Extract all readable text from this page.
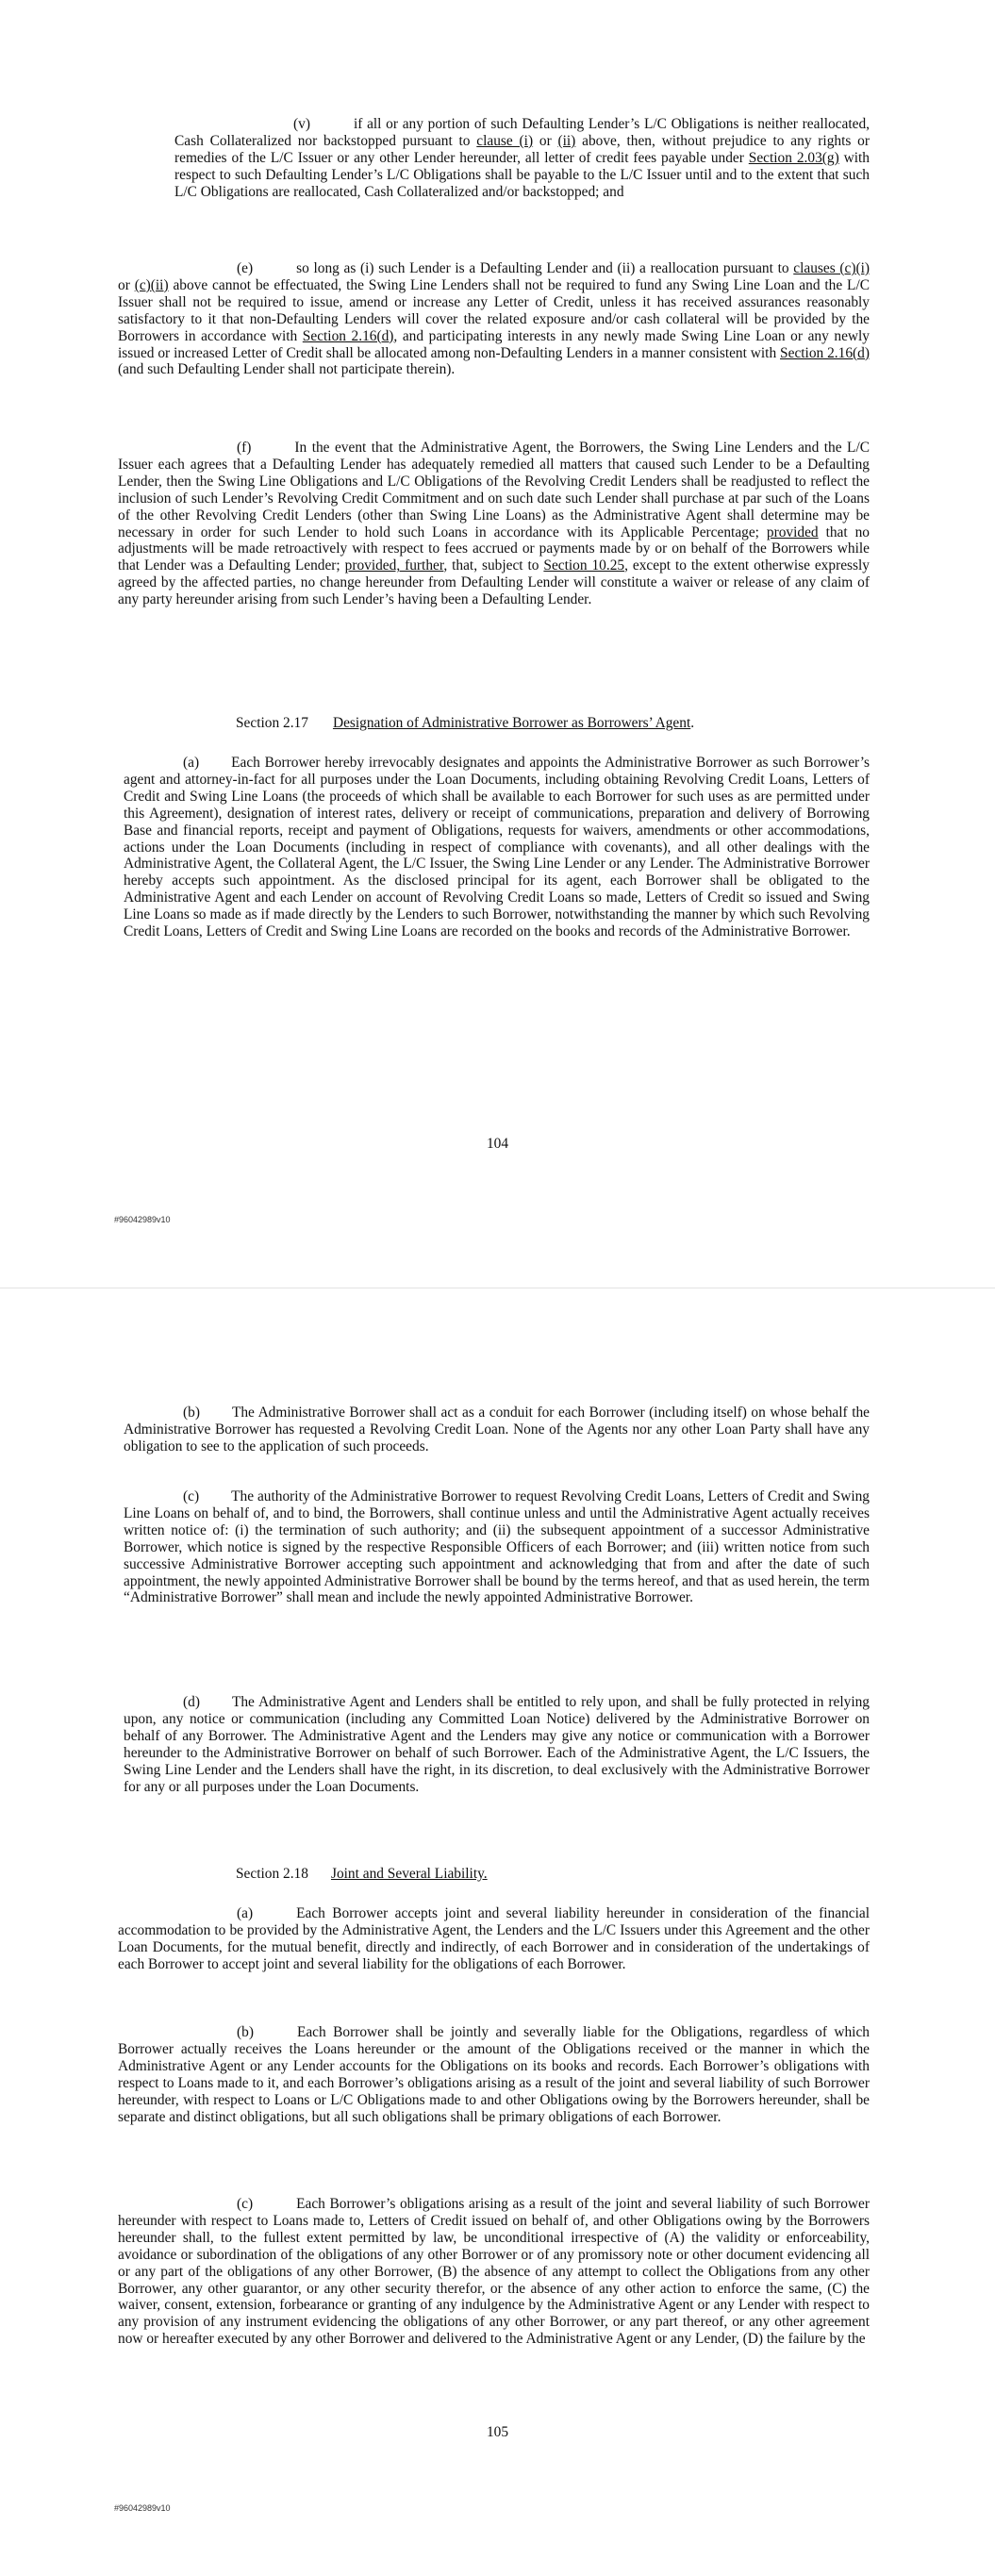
(v)	if all or any portion of such Defaulting Lender’s L/C Obligations is neither reallocated, Cash Collateralized nor backstopped pursuant to clause (i) or (ii) above, then, without prejudice to any rights or remedies of the L/C Issuer or any other Lender hereunder, all letter of credit fees payable under Section 2.03(g) with respect to such Defaulting Lender’s L/C Obligations shall be payable to the L/C Issuer until and to the extent that such L/C Obligations are reallocated, Cash Collateralized and/or backstopped; and

(e)	so long as (i) such Lender is a Defaulting Lender and (ii) a reallocation pursuant to clauses (c)(i) or (c)(ii) above cannot be effectuated, the Swing Line Lenders shall not be required to fund any Swing Line Loan and the L/C Issuer shall not be required to issue, amend or increase any Letter of Credit, unless it has received assurances reasonably satisfactory to it that non-Defaulting Lenders will cover the related exposure and/or cash collateral will be provided by the Borrowers in accordance with Section 2.16(d), and participating interests in any newly made Swing Line Loan or any newly issued or increased Letter of Credit shall be allocated among non-Defaulting Lenders in a manner consistent with Section 2.16(d) (and such Defaulting Lender shall not participate therein).

(f)	In the event that the Administrative Agent, the Borrowers, the Swing Line Lenders and the L/C Issuer each agrees that a Defaulting Lender has adequately remedied all matters that caused such Lender to be a Defaulting Lender, then the Swing Line Obligations and L/C Obligations of the Revolving Credit Lenders shall be readjusted to reflect the inclusion of such Lender’s Revolving Credit Commitment and on such date such Lender shall purchase at par such of the Loans of the other Revolving Credit Lenders (other than Swing Line Loans) as the Administrative Agent shall determine may be necessary in order for such Lender to hold such Loans in accordance with its Applicable Percentage; provided that no adjustments will be made retroactively with respect to fees accrued or payments made by or on behalf of the Borrowers while that Lender was a Defaulting Lender; provided, further, that, subject to Section 10.25, except to the extent otherwise expressly agreed by the affected parties, no change hereunder from Defaulting Lender will constitute a waiver or release of any claim of any party hereunder arising from such Lender’s having been a Defaulting Lender.

Section 2.17 Designation of Administrative Borrower as Borrowers’ Agent.

(a) Each Borrower hereby irrevocably designates and appoints the Administrative Borrower as such Borrower’s agent and attorney-in-fact for all purposes under the Loan Documents, including obtaining Revolving Credit Loans, Letters of Credit and Swing Line Loans (the proceeds of which shall be available to each Borrower for such uses as are permitted under this Agreement), designation of interest rates, delivery or receipt of communications, preparation and delivery of Borrowing Base and financial reports, receipt and payment of Obligations, requests for waivers, amendments or other accommodations, actions under the Loan Documents (including in respect of compliance with covenants), and all other dealings with the Administrative Agent, the Collateral Agent, the L/C Issuer, the Swing Line Lender or any Lender. The Administrative Borrower hereby accepts such appointment. As the disclosed principal for its agent, each Borrower shall be obligated to the Administrative Agent and each Lender on account of Revolving Credit Loans so made, Letters of Credit so issued and Swing Line Loans so made as if made directly by the Lenders to such Borrower, notwithstanding the manner by which such Revolving Credit Loans, Letters of Credit and Swing Line Loans are recorded on the books and records of the Administrative Borrower.

104

#96042989v10

(b) The Administrative Borrower shall act as a conduit for each Borrower (including itself) on whose behalf the Administrative Borrower has requested a Revolving Credit Loan. None of the Agents nor any other Loan Party shall have any obligation to see to the application of such proceeds.

(c) The authority of the Administrative Borrower to request Revolving Credit Loans, Letters of Credit and Swing Line Loans on behalf of, and to bind, the Borrowers, shall continue unless and until the Administrative Agent actually receives written notice of: (i) the termination of such authority; and (ii) the subsequent appointment of a successor Administrative Borrower, which notice is signed by the respective Responsible Officers of each Borrower; and (iii) written notice from such successive Administrative Borrower accepting such appointment and acknowledging that from and after the date of such appointment, the newly appointed Administrative Borrower shall be bound by the terms hereof, and that as used herein, the term “Administrative Borrower” shall mean and include the newly appointed Administrative Borrower.

(d) The Administrative Agent and Lenders shall be entitled to rely upon, and shall be fully protected in relying upon, any notice or communication (including any Committed Loan Notice) delivered by the Administrative Borrower on behalf of any Borrower. The Administrative Agent and the Lenders may give any notice or communication with a Borrower hereunder to the Administrative Borrower on behalf of such Borrower. Each of the Administrative Agent, the L/C Issuers, the Swing Line Lender and the Lenders shall have the right, in its discretion, to deal exclusively with the Administrative Borrower for any or all purposes under the Loan Documents.

Section 2.18 Joint and Several Liability.

(a)	Each Borrower accepts joint and several liability hereunder in consideration of the financial accommodation to be provided by the Administrative Agent, the Lenders and the L/C Issuers under this Agreement and the other Loan Documents, for the mutual benefit, directly and indirectly, of each Borrower and in consideration of the undertakings of each Borrower to accept joint and several liability for the obligations of each Borrower.

(b)	Each Borrower shall be jointly and severally liable for the Obligations, regardless of which Borrower actually receives the Loans hereunder or the amount of the Obligations received or the manner in which the Administrative Agent or any Lender accounts for the Obligations on its books and records. Each Borrower’s obligations with respect to Loans made to it, and each Borrower’s obligations arising as a result of the joint and several liability of such Borrower hereunder, with respect to Loans or L/C Obligations made to and other Obligations owing by the Borrowers hereunder, shall be separate and distinct obligations, but all such obligations shall be primary obligations of each Borrower.

(c)	Each Borrower’s obligations arising as a result of the joint and several liability of such Borrower hereunder with respect to Loans made to, Letters of Credit issued on behalf of, and other Obligations owing by the Borrowers hereunder shall, to the fullest extent permitted by law, be unconditional irrespective of (A) the validity or enforceability, avoidance or subordination of the obligations of any other Borrower or of any promissory note or other document evidencing all or any part of the obligations of any other Borrower, (B) the absence of any attempt to collect the Obligations from any other Borrower, any other guarantor, or any other security therefor, or the absence of any other action to enforce the same, (C) the waiver, consent, extension, forbearance or granting of any indulgence by the Administrative Agent or any Lender with respect to any provision of any instrument evidencing the obligations of any other Borrower, or any part thereof, or any other agreement now or hereafter executed by any other Borrower and delivered to the Administrative Agent or any Lender, (D) the failure by the

105

#96042989v10
